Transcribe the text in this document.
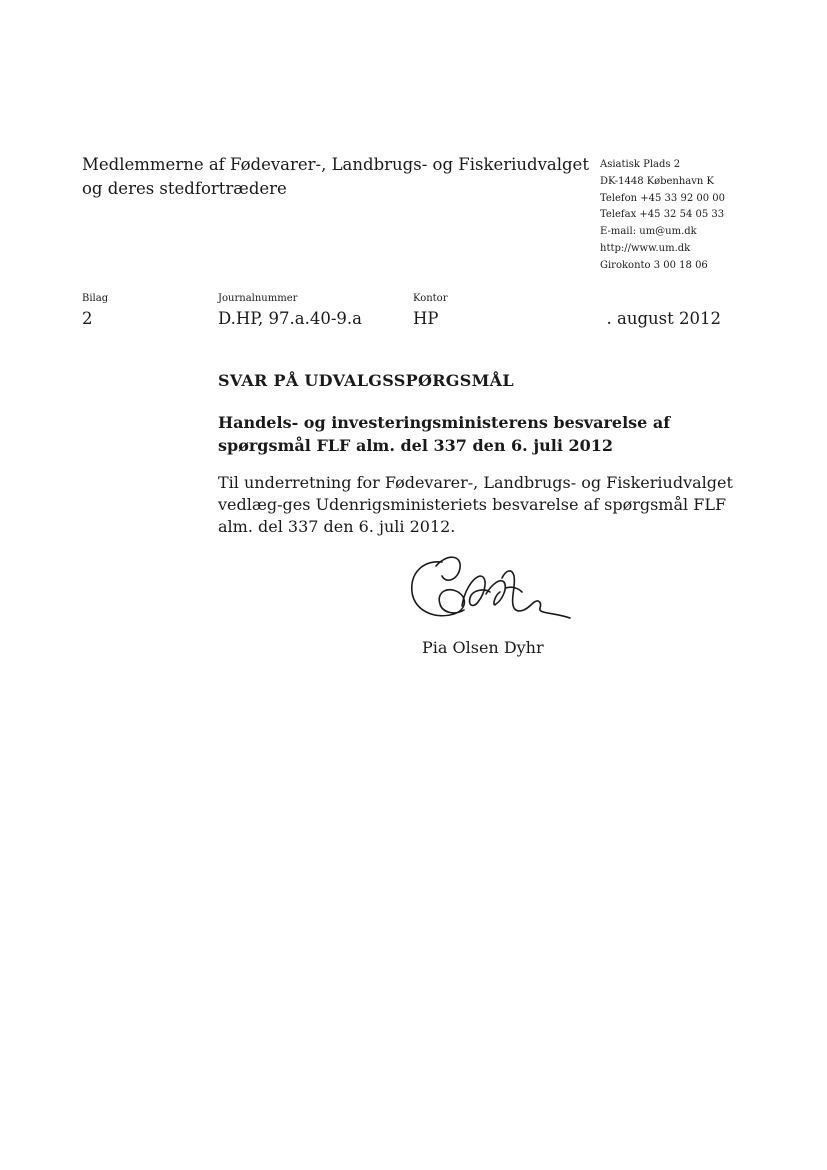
Medlemmerne af Fødevarer-, Landbrugs- og Fiskeriudvalget
og deres stedfortrædere
Asiatisk Plads 2
DK-1448 København K
Telefon +45 33 92 00 00
Telefax +45 32 54 05 33
E-mail: um@um.dk
http://www.um.dk
Girokonto 3 00 18 06
Bilag
2
Journalnummer
D.HP, 97.a.40-9.a
Kontor
HP	. august 2012
SVAR PÅ UDVALGSSPØRGSMÅL
Handels- og investeringsministerens besvarelse af spørgsmål FLF alm. del 337 den 6. juli 2012
Til underretning for Fødevarer-, Landbrugs- og Fiskeriudvalget vedlæg-ges Udenrigsministeriets besvarelse af spørgsmål FLF alm. del 337 den 6. juli 2012.
Pia Olsen Dyhr
